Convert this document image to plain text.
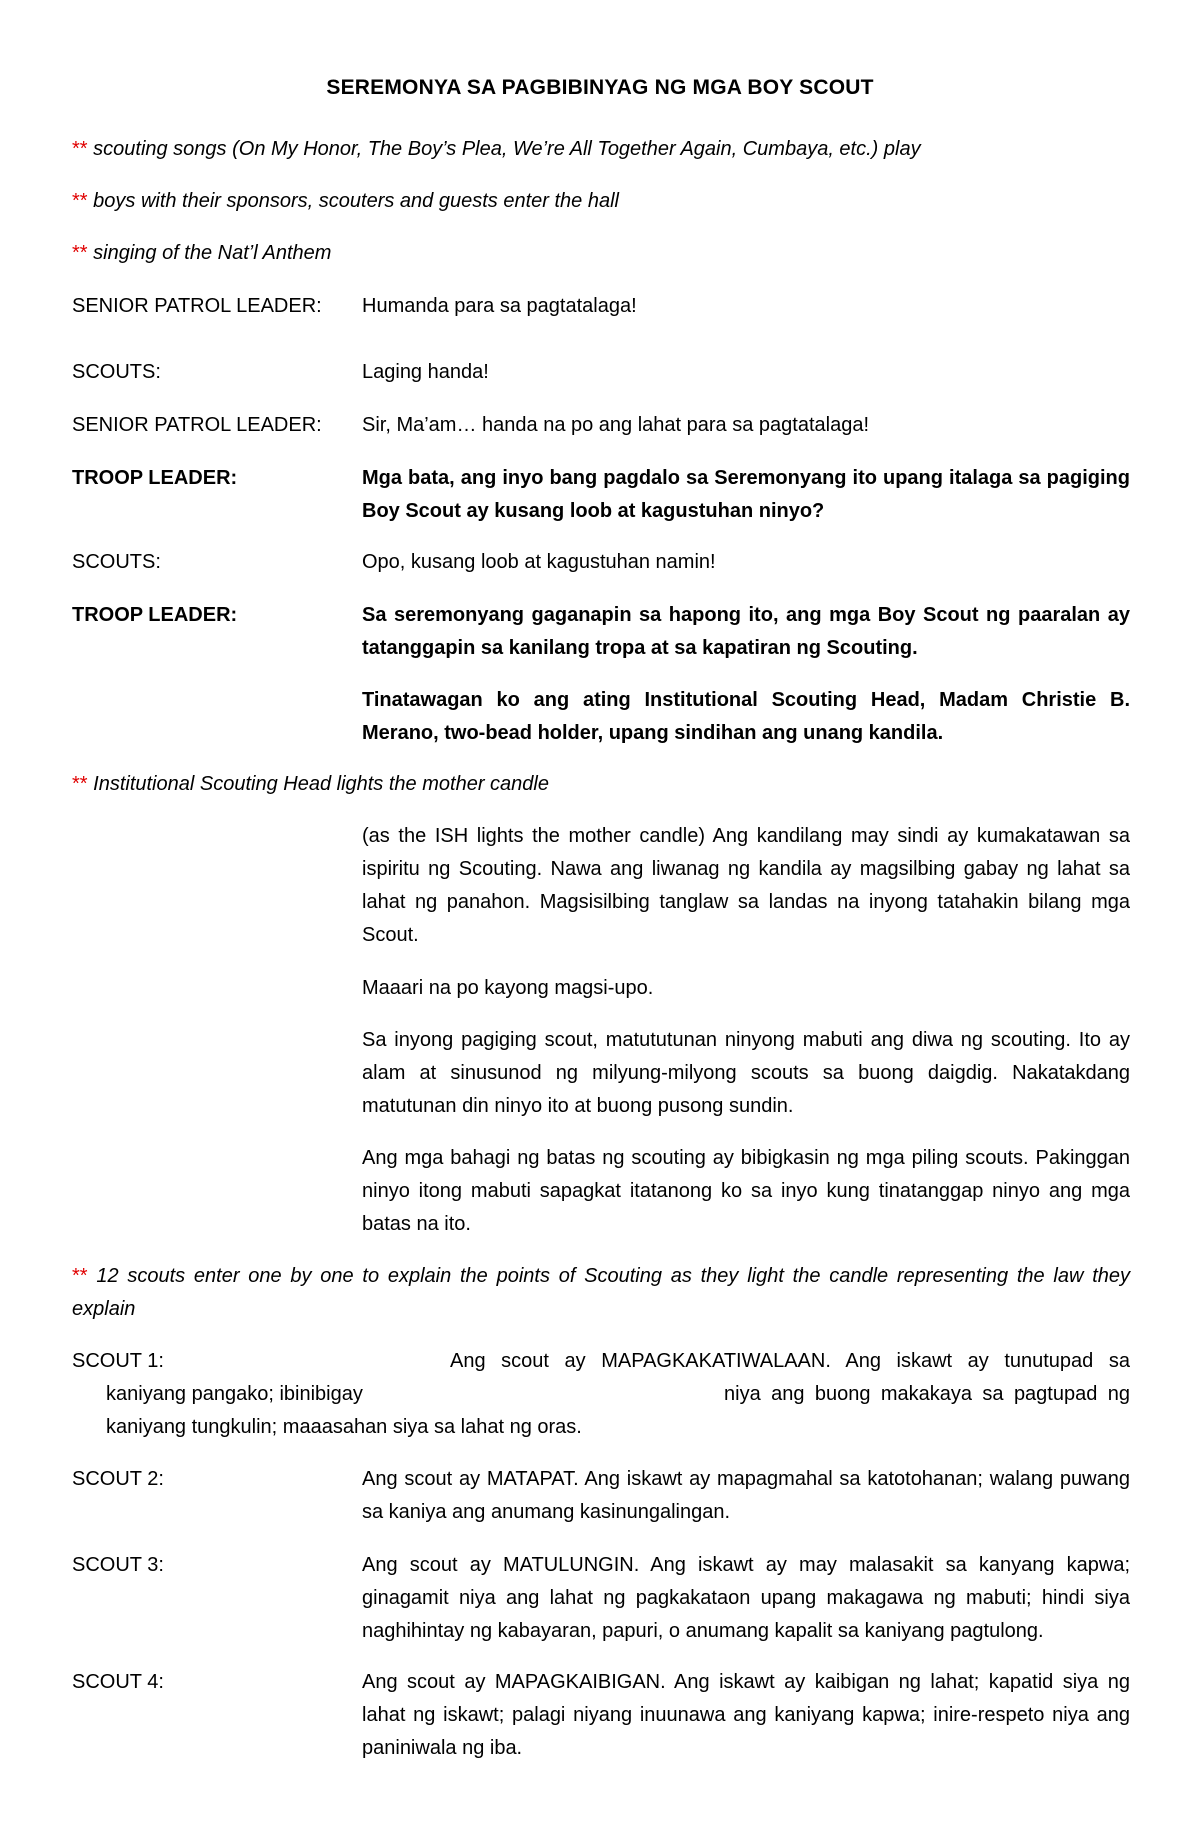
SEREMONYA SA PAGBIBINYAG NG MGA BOY SCOUT
** scouting songs (On My Honor, The Boy’s Plea, We’re All Together Again, Cumbaya, etc.) play
** boys with their sponsors, scouters and guests enter the hall
** singing of the Nat’l Anthem
SENIOR PATROL LEADER:	Humanda para sa pagtatalaga!
SCOUTS:	Laging handa!
SENIOR PATROL LEADER:	Sir, Ma’am… handa na po ang lahat para sa pagtatalaga!
TROOP LEADER:	Mga bata, ang inyo bang pagdalo sa Seremonyang ito upang italaga sa pagiging Boy Scout ay kusang loob at kagustuhan ninyo?
SCOUTS:	Opo, kusang loob at kagustuhan namin!
TROOP LEADER:	Sa seremonyang gaganapin sa hapong ito, ang mga Boy Scout ng paaralan ay tatanggapin sa kanilang tropa at sa kapatiran ng Scouting.
Tinatawagan ko ang ating Institutional Scouting Head, Madam Christie B. Merano, two-bead holder, upang sindihan ang unang kandila.
** Institutional Scouting Head lights the mother candle
(as the ISH lights the mother candle) Ang kandilang may sindi ay kumakatawan sa ispiritu ng Scouting. Nawa ang liwanag ng kandila ay magsilbing gabay ng lahat sa lahat ng panahon. Magsisilbing tanglaw sa landas na inyong tatahakin bilang mga Scout.
Maaari na po kayong magsi-upo.
Sa inyong pagiging scout, matututunan ninyong mabuti ang diwa ng scouting. Ito ay alam at sinusunod ng milyung-milyong scouts sa buong daigdig. Nakatakdang matutunan din ninyo ito at buong pusong sundin.
Ang mga bahagi ng batas ng scouting ay bibigkasin ng mga piling scouts. Pakinggan ninyo itong mabuti sapagkat itatanong ko sa inyo kung tinatanggap ninyo ang mga batas na ito.
** 12 scouts enter one by one to explain the points of Scouting as they light the candle representing the law they explain
SCOUT 1:	Ang scout ay MAPAGKAKATIWALAAN. Ang iskawt ay tunutupad sa
kaniyang pangako; ibinibigay	niya ang buong makakaya sa pagtupad ng
kaniyang tungkulin; maaasahan siya sa lahat ng oras.
SCOUT 2:	Ang scout ay MATAPAT. Ang iskawt ay mapagmahal sa katotohanan; walang puwang sa kaniya ang anumang kasinungalingan.
SCOUT 3:	Ang scout ay MATULUNGIN. Ang iskawt ay may malasakit sa kanyang kapwa; ginagamit niya ang lahat ng pagkakataon upang makagawa ng mabuti; hindi siya naghihintay ng kabayaran, papuri, o anumang kapalit sa kaniyang pagtulong.
SCOUT 4:	Ang scout ay MAPAGKAIBIGAN. Ang iskawt ay kaibigan ng lahat; kapatid siya ng lahat ng iskawt; palagi niyang inuunawa ang kaniyang kapwa; inire-respeto niya ang paniniwala ng iba.
